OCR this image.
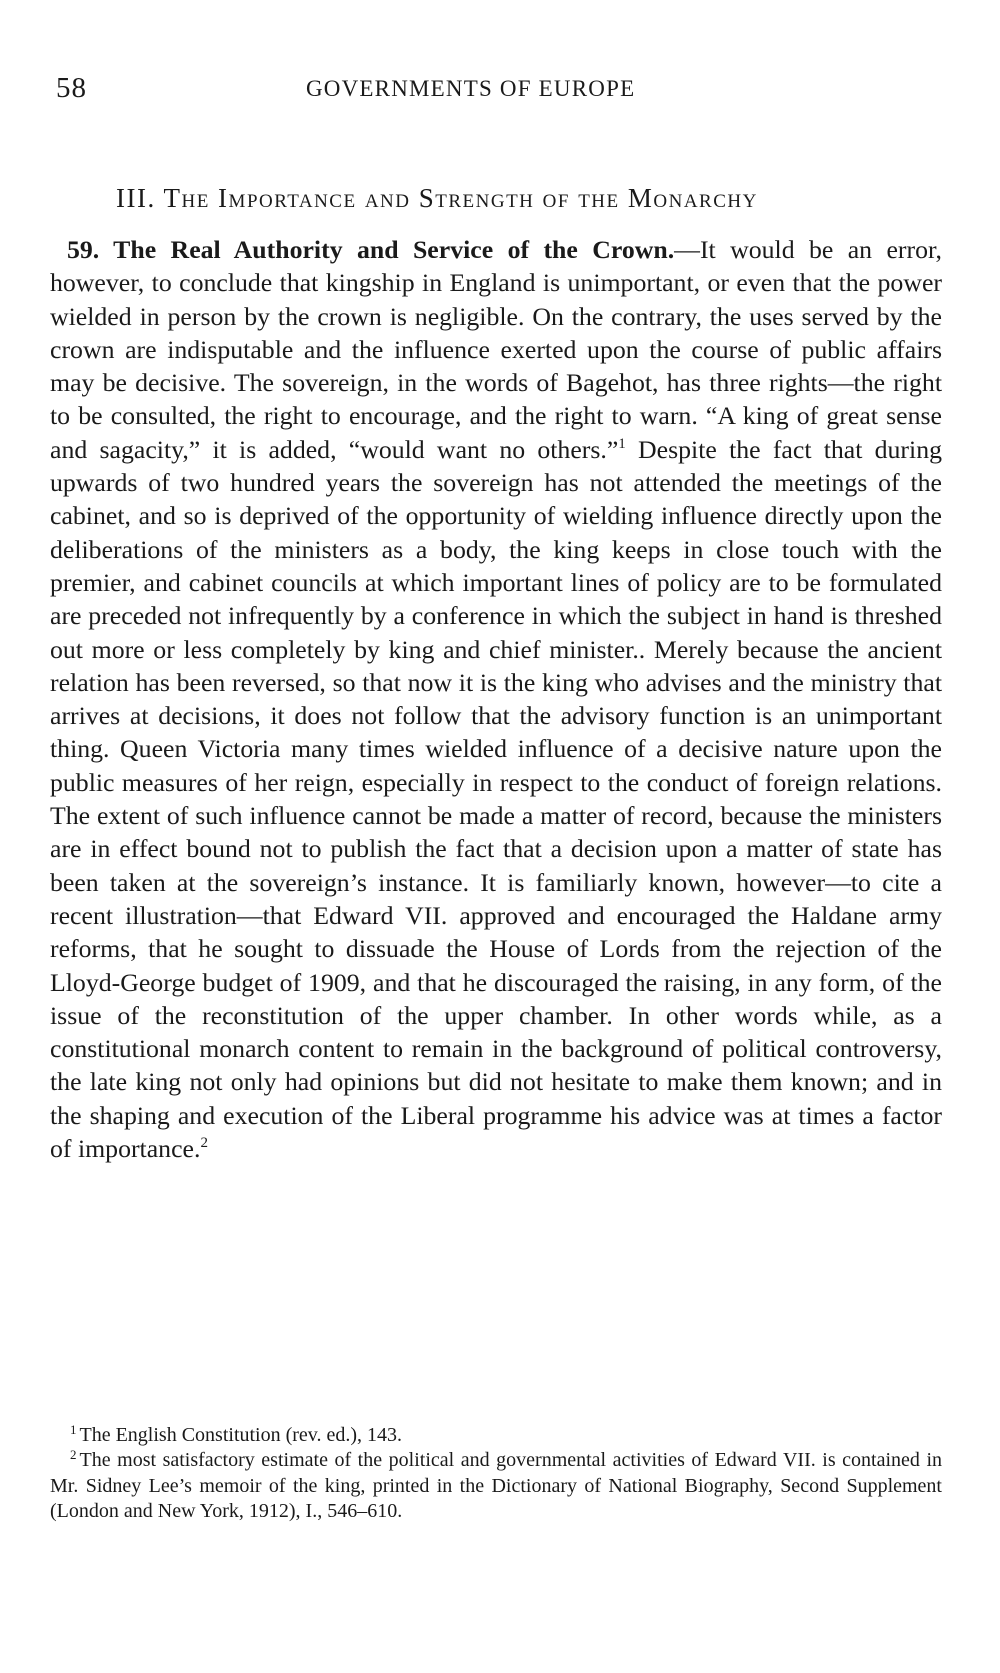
58	GOVERNMENTS OF EUROPE
III. The Importance and Strength of the Monarchy

59. The Real Authority and Service of the Crown.—It would be an error, however, to conclude that kingship in England is unimportant, or even that the power wielded in person by the crown is negligible. On the contrary, the uses served by the crown are indisputable and the influence exerted upon the course of public affairs may be decisive. The sovereign, in the words of Bagehot, has three rights—the right to be consulted, the right to encourage, and the right to warn. “A king of great sense and sagacity,” it is added, “would want no others.”$^1$ Despite the fact that during upwards of two hundred years the sovereign has not attended the meetings of the cabinet, and so is deprived of the opportunity of wielding influence directly upon the deliberations of the ministers as a body, the king keeps in close touch with the premier, and cabinet councils at which important lines of policy are to be formulated are preceded not infrequently by a conference in which the subject in hand is threshed out more or less completely by king and chief minister.. Merely because the ancient relation has been reversed, so that now it is the king who advises and the ministry that arrives at decisions, it does not follow that the advisory function is an unimportant thing. Queen Victoria many times wielded influence of a decisive nature upon the public measures of her reign, especially in respect to the conduct of foreign relations. The extent of such influence cannot be made a matter of record, because the ministers are in effect bound not to publish the fact that a decision upon a matter of state has been taken at the sovereign’s instance. It is familiarly known, however—to cite a recent illustration—that Edward VII. approved and encouraged the Haldane army reforms, that he sought to dissuade the House of Lords from the rejection of the Lloyd-George budget of 1909, and that he discouraged the raising, in any form, of the issue of the reconstitution of the upper chamber. In other words while, as a constitutional monarch content to remain in the background of political controversy, the late king not only had opinions but did not hesitate to make them known; and in the shaping and execution of the Liberal programme his advice was at times a factor of importance.$^2$

$^1$ The English Constitution (rev. ed.), 143.

$^2$ The most satisfactory estimate of the political and governmental activities of Edward VII. is contained in Mr. Sidney Lee’s memoir of the king, printed in the Dictionary of National Biography, Second Supplement (London and New York, 1912), I., 546–610.
